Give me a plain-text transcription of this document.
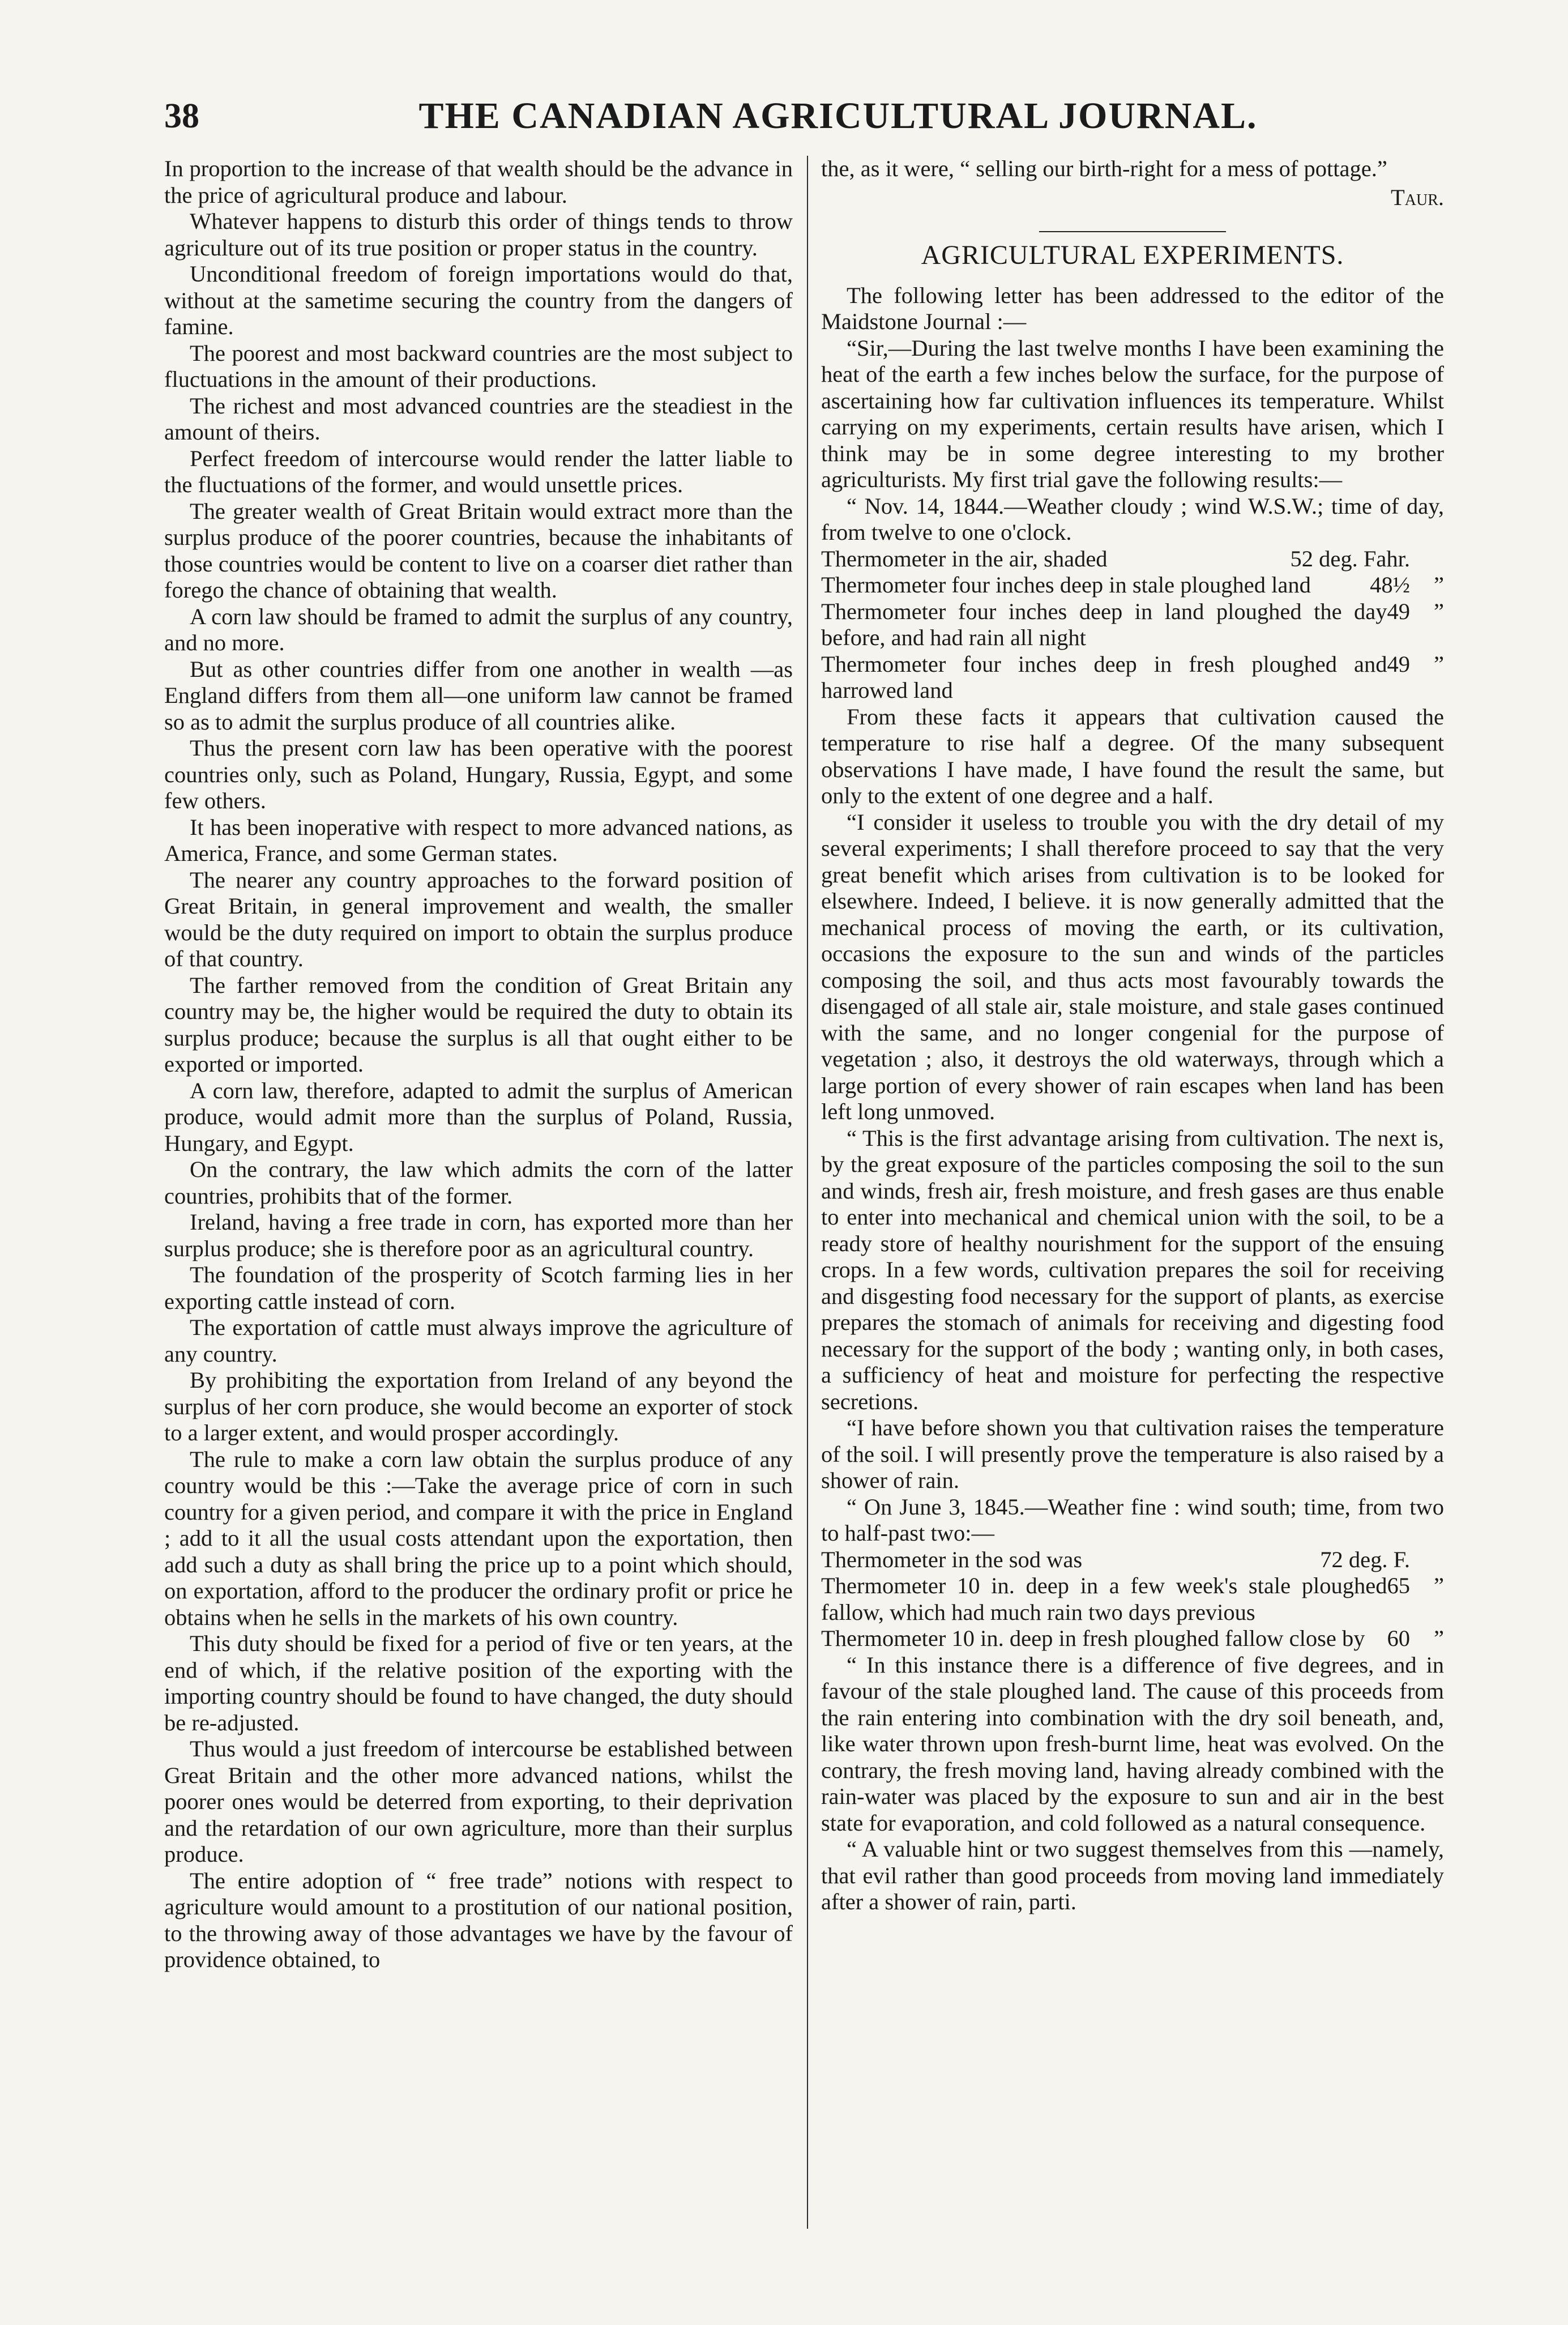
38	THE CANADIAN AGRICULTURAL JOURNAL.

In proportion to the increase of that wealth should be the advance in the price of agricultural produce and labour.

Whatever happens to disturb this order of things tends to throw agriculture out of its true position or proper status in the country.

Unconditional freedom of foreign importations would do that, without at the sametime securing the country from the dangers of famine.

The poorest and most backward countries are the most subject to fluctuations in the amount of their productions.

The richest and most advanced countries are the steadiest in the amount of theirs.

Perfect freedom of intercourse would render the latter liable to the fluctuations of the former, and would unsettle prices.

The greater wealth of Great Britain would extract more than the surplus produce of the poorer countries, because the inhabitants of those countries would be content to live on a coarser diet rather than forego the chance of obtaining that wealth.

A corn law should be framed to admit the surplus of any country, and no more.

But as other countries differ from one another in wealth —as England differs from them all—one uniform law cannot be framed so as to admit the surplus produce of all countries alike.

Thus the present corn law has been operative with the poorest countries only, such as Poland, Hungary, Russia, Egypt, and some few others.

It has been inoperative with respect to more advanced nations, as America, France, and some German states.

The nearer any country approaches to the forward position of Great Britain, in general improvement and wealth, the smaller would be the duty required on import to obtain the surplus produce of that country.

The farther removed from the condition of Great Britain any country may be, the higher would be required the duty to obtain its surplus produce; because the surplus is all that ought either to be exported or imported.

A corn law, therefore, adapted to admit the surplus of American produce, would admit more than the surplus of Poland, Russia, Hungary, and Egypt.

On the contrary, the law which admits the corn of the latter countries, prohibits that of the former.

Ireland, having a free trade in corn, has exported more than her surplus produce; she is therefore poor as an agricultural country.

The foundation of the prosperity of Scotch farming lies in her exporting cattle instead of corn.

The exportation of cattle must always improve the agriculture of any country.

By prohibiting the exportation from Ireland of any beyond the surplus of her corn produce, she would become an exporter of stock to a larger extent, and would prosper accordingly.

The rule to make a corn law obtain the surplus produce of any country would be this :—Take the average price of corn in such country for a given period, and compare it with the price in England ; add to it all the usual costs attendant upon the exportation, then add such a duty as shall bring the price up to a point which should, on exportation, afford to the producer the ordinary profit or price he obtains when he sells in the markets of his own country.

This duty should be fixed for a period of five or ten years, at the end of which, if the relative position of the exporting with the importing country should be found to have changed, the duty should be re-adjusted.

Thus would a just freedom of intercourse be established between Great Britain and the other more advanced nations, whilst the poorer ones would be deterred from exporting, to their deprivation and the retardation of our own agriculture, more than their surplus produce.

The entire adoption of “ free trade” notions with respect to agriculture would amount to a prostitution of our national position, to the throwing away of those advantages we have by the favour of providence obtained, to

the, as it were, “ selling our birth-right for a mess of pottage.”

Taur.

AGRICULTURAL EXPERIMENTS.

The following letter has been addressed to the editor of the Maidstone Journal :—

“Sir,—During the last twelve months I have been examining the heat of the earth a few inches below the surface, for the purpose of ascertaining how far cultivation influences its temperature. Whilst carrying on my experiments, certain results have arisen, which I think may be in some degree interesting to my brother agriculturists. My first trial gave the following results:—

“ Nov. 14, 1844.—Weather cloudy ; wind W.S.W.; time of day, from twelve to one o'clock.

Thermometer in the air, shaded	52 deg. Fahr.
Thermometer four inches deep in stale ploughed land	48½	”
Thermometer four inches deep in land ploughed the day before, and had rain all night
49	”
Thermometer four inches deep in fresh ploughed and harrowed land
49	”

From these facts it appears that cultivation caused the temperature to rise half a degree. Of the many subsequent observations I have made, I have found the result the same, but only to the extent of one degree and a half.

“I consider it useless to trouble you with the dry detail of my several experiments; I shall therefore proceed to say that the very great benefit which arises from cultivation is to be looked for elsewhere. Indeed, I believe. it is now generally admitted that the mechanical process of moving the earth, or its cultivation, occasions the exposure to the sun and winds of the particles composing the soil, and thus acts most favourably towards the disengaged of all stale air, stale moisture, and stale gases continued with the same, and no longer congenial for the purpose of vegetation ; also, it destroys the old waterways, through which a large portion of every shower of rain escapes when land has been left long unmoved.

“ This is the first advantage arising from cultivation. The next is, by the great exposure of the particles composing the soil to the sun and winds, fresh air, fresh moisture, and fresh gases are thus enable to enter into mechanical and chemical union with the soil, to be a ready store of healthy nourishment for the support of the ensuing crops. In a few words, cultivation prepares the soil for receiving and disgesting food necessary for the support of plants, as exercise prepares the stomach of animals for receiving and digesting food necessary for the support of the body ; wanting only, in both cases, a sufficiency of heat and moisture for perfecting the respective secretions.

“I have before shown you that cultivation raises the temperature of the soil. I will presently prove the temperature is also raised by a shower of rain.

“ On June 3, 1845.—Weather fine : wind south; time, from two to half-past two:—

Thermometer in the sod was	72 deg. F.
Thermometer 10 in. deep in a few week's stale ploughed fallow, which had much rain two days previous
65	”
Thermometer 10 in. deep in fresh ploughed fallow close by 60	”

“ In this instance there is a difference of five degrees, and in favour of the stale ploughed land. The cause of this proceeds from the rain entering into combination with the dry soil beneath, and, like water thrown upon fresh-burnt lime, heat was evolved. On the contrary, the fresh moving land, having already combined with the rain-water was placed by the exposure to sun and air in the best state for evaporation, and cold followed as a natural consequence.

“ A valuable hint or two suggest themselves from this —namely, that evil rather than good proceeds from moving land immediately after a shower of rain, parti.
